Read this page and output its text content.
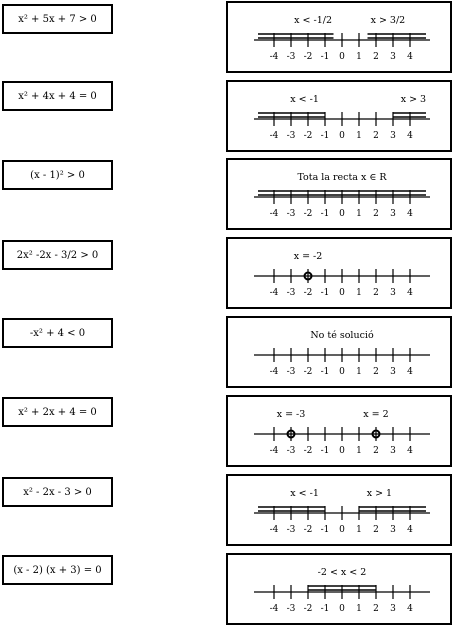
x² + 5x + 7 > 0
x² + 4x + 4 = 0
(x - 1)² > 0
2x² -2x - 3/2 > 0
-x² + 4 < 0
x² + 2x + 4 = 0
x² - 2x - 3 > 0
(x - 2) (x + 3) = 0
-4 -3 -2 -1 0 1 2 3 4
x < -1/2	x > 3/2
-4 -3 -2 -1 0 1 2 3 4
x < -1	x > 3
-4 -3 -2 -1 0 1 2 3 4
Tota la recta x ∈ R
-4 -3 -2 -1 0 1 2 3 4
x = -2
-4 -3 -2 -1 0 1 2 3 4
No té solució
-4 -3 -2 -1 0 1 2 3 4
x = -3	x = 2
-4 -3 -2 -1 0 1 2 3 4
x < -1	x > 1
-4 -3 -2 -1 0 1 2 3 4
-2 < x < 2
